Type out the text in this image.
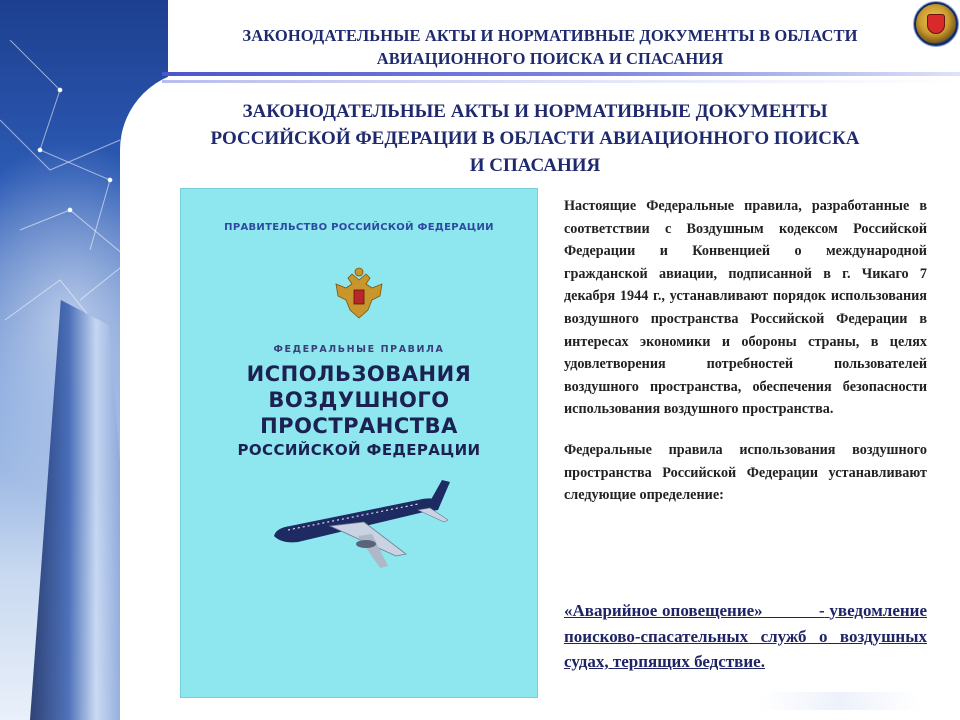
ЗАКОНОДАТЕЛЬНЫЕ АКТЫ И НОРМАТИВНЫЕ ДОКУМЕНТЫ В ОБЛАСТИ
АВИАЦИОННОГО ПОИСКА И СПАСАНИЯ
ЗАКОНОДАТЕЛЬНЫЕ АКТЫ И НОРМАТИВНЫЕ ДОКУМЕНТЫ
РОССИЙСКОЙ ФЕДЕРАЦИИ В ОБЛАСТИ АВИАЦИОННОГО ПОИСКА
И СПАСАНИЯ
ПРАВИТЕЛЬСТВО РОССИЙСКОЙ ФЕДЕРАЦИИ
ФЕДЕРАЛЬНЫЕ ПРАВИЛА
ИСПОЛЬЗОВАНИЯ
ВОЗДУШНОГО
ПРОСТРАНСТВА
РОССИЙСКОЙ ФЕДЕРАЦИИ

Настоящие Федеральные правила, разработанные в соответствии с Воздушным кодексом Российской Федерации и Конвенцией о международной гражданской авиации, подписанной в г. Чикаго 7 декабря 1944 г., устанавливают порядок использования воздушного пространства Российской Федерации в интересах экономики и обороны страны, в целях удовлетворения потребностей пользователей воздушного пространства, обеспечения безопасности использования воздушного пространства.

Федеральные правила использования воздушного пространства Российской Федерации устанавливают следующие определение:

«Аварийное оповещение»	- уведомление поисково-спасательных служб о воздушных судах, терпящих бедствие.
